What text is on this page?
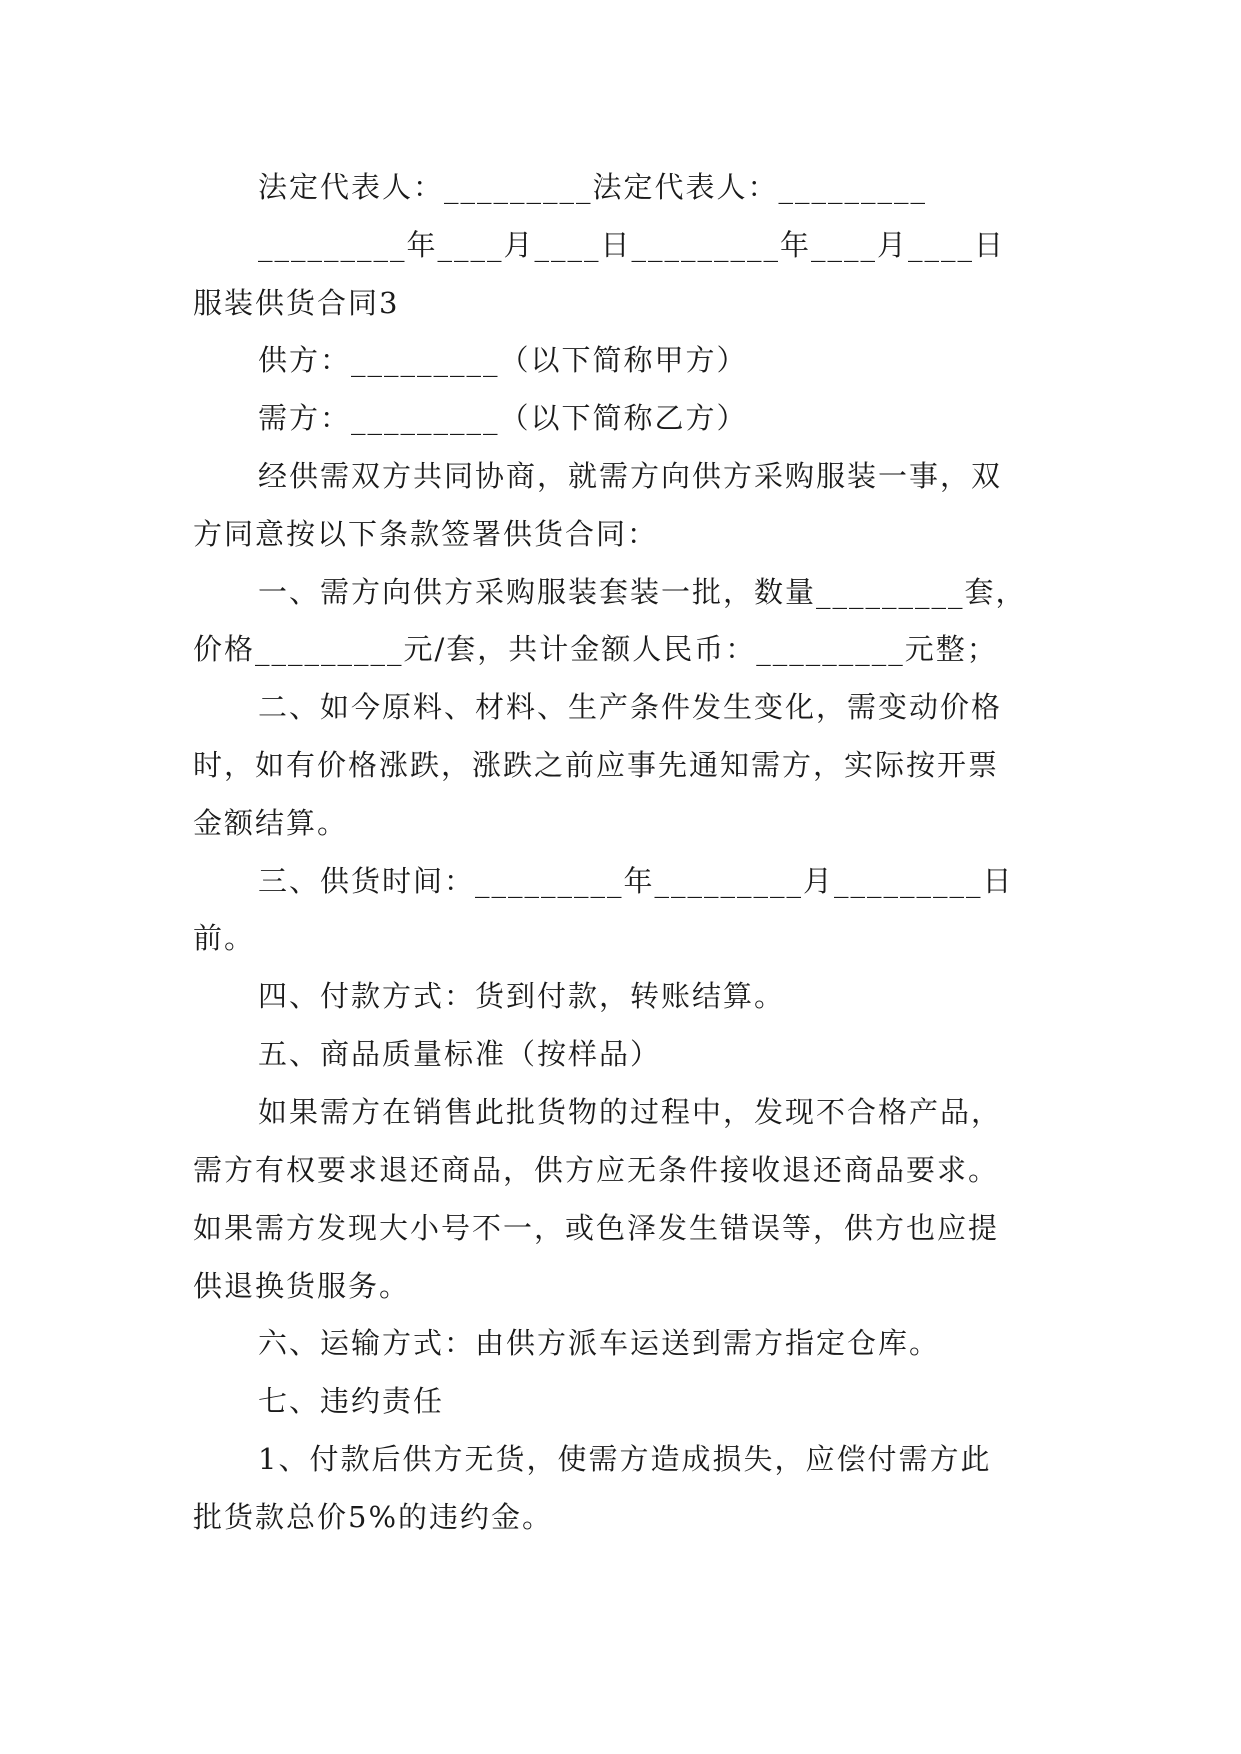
法定代表人：_________法定代表人：_________
_________年____月____日_________年____月____日
服装供货合同3
供方：_________（以下简称甲方）
需方：_________（以下简称乙方）
经供需双方共同协商，就需方向供方采购服装一事，双
方同意按以下条款签署供货合同：
一、需方向供方采购服装套装一批，数量_________套，
价格_________元/套，共计金额人民币：_________元整；
二、如今原料、材料、生产条件发生变化，需变动价格
时，如有价格涨跌，涨跌之前应事先通知需方，实际按开票
金额结算。
三、供货时间：_________年_________月_________日
前。
四、付款方式：货到付款，转账结算。
五、商品质量标准（按样品）
如果需方在销售此批货物的过程中，发现不合格产品，
需方有权要求退还商品，供方应无条件接收退还商品要求。
如果需方发现大小号不一，或色泽发生错误等，供方也应提
供退换货服务。
六、运输方式：由供方派车运送到需方指定仓库。
七、违约责任
1、付款后供方无货，使需方造成损失，应偿付需方此
批货款总价5%的违约金。
